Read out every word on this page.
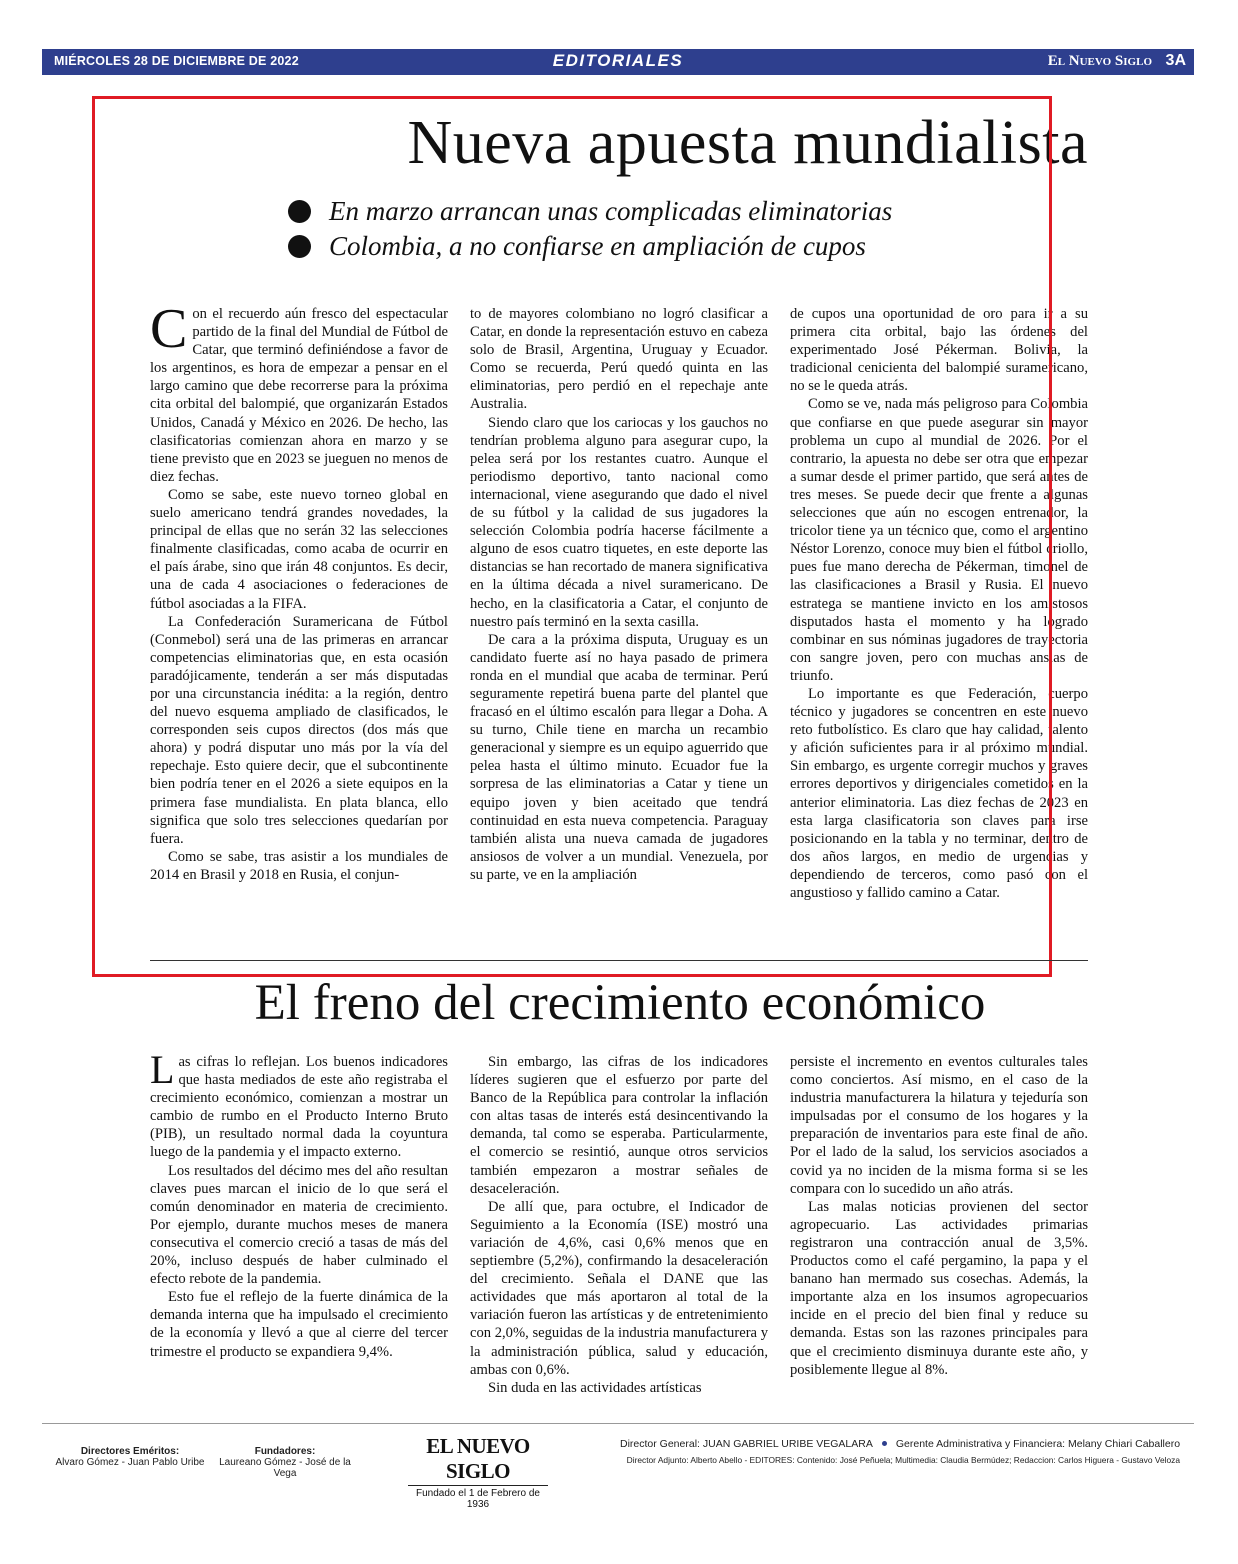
MIÉRCOLES 28 DE DICIEMBRE DE 2022	EDITORIALES	El Nuevo Siglo 3A
Nueva apuesta mundialista
En marzo arrancan unas complicadas eliminatorias
Colombia, a no confiarse en ampliación de cupos

Con el recuerdo aún fresco del espectacular partido de la final del Mundial de Fútbol de Catar, que terminó definiéndose a favor de los argentinos, es hora de empezar a pensar en el largo camino que debe recorrerse para la próxima cita orbital del balompié, que organizarán Estados Unidos, Canadá y México en 2026. De hecho, las clasificatorias comienzan ahora en marzo y se tiene previsto que en 2023 se jueguen no menos de diez fechas.

Como se sabe, este nuevo torneo global en suelo americano tendrá grandes novedades, la principal de ellas que no serán 32 las selecciones finalmente clasificadas, como acaba de ocurrir en el país árabe, sino que irán 48 conjuntos. Es decir, una de cada 4 asociaciones o federaciones de fútbol asociadas a la FIFA.

La Confederación Suramericana de Fútbol (Conmebol) será una de las primeras en arrancar competencias eliminatorias que, en esta ocasión paradójicamente, tenderán a ser más disputadas por una circunstancia inédita: a la región, dentro del nuevo esquema ampliado de clasificados, le corresponden seis cupos directos (dos más que ahora) y podrá disputar uno más por la vía del repechaje. Esto quiere decir, que el subcontinente bien podría tener en el 2026 a siete equipos en la primera fase mundialista. En plata blanca, ello significa que solo tres selecciones quedarían por fuera.

Como se sabe, tras asistir a los mundiales de 2014 en Brasil y 2018 en Rusia, el conjun-

to de mayores colombiano no logró clasificar a Catar, en donde la representación estuvo en cabeza solo de Brasil, Argentina, Uruguay y Ecuador. Como se recuerda, Perú quedó quinta en las eliminatorias, pero perdió en el repechaje ante Australia.

Siendo claro que los cariocas y los gauchos no tendrían problema alguno para asegurar cupo, la pelea será por los restantes cuatro. Aunque el periodismo deportivo, tanto nacional como internacional, viene asegurando que dado el nivel de su fútbol y la calidad de sus jugadores la selección Colombia podría hacerse fácilmente a alguno de esos cuatro tiquetes, en este deporte las distancias se han recortado de manera significativa en la última década a nivel suramericano. De hecho, en la clasificatoria a Catar, el conjunto de nuestro país terminó en la sexta casilla.

De cara a la próxima disputa, Uruguay es un candidato fuerte así no haya pasado de primera ronda en el mundial que acaba de terminar. Perú seguramente repetirá buena parte del plantel que fracasó en el último escalón para llegar a Doha. A su turno, Chile tiene en marcha un recambio generacional y siempre es un equipo aguerrido que pelea hasta el último minuto. Ecuador fue la sorpresa de las eliminatorias a Catar y tiene un equipo joven y bien aceitado que tendrá continuidad en esta nueva competencia. Paraguay también alista una nueva camada de jugadores ansiosos de volver a un mundial. Venezuela, por su parte, ve en la ampliación

de cupos una oportunidad de oro para ir a su primera cita orbital, bajo las órdenes del experimentado José Pékerman. Bolivia, la tradicional cenicienta del balompié suramericano, no se le queda atrás.

Como se ve, nada más peligroso para Colombia que confiarse en que puede asegurar sin mayor problema un cupo al mundial de 2026. Por el contrario, la apuesta no debe ser otra que empezar a sumar desde el primer partido, que será antes de tres meses. Se puede decir que frente a algunas selecciones que aún no escogen entrenador, la tricolor tiene ya un técnico que, como el argentino Néstor Lorenzo, conoce muy bien el fútbol criollo, pues fue mano derecha de Pékerman, timonel de las clasificaciones a Brasil y Rusia. El nuevo estratega se mantiene invicto en los amistosos disputados hasta el momento y ha logrado combinar en sus nóminas jugadores de trayectoria con sangre joven, pero con muchas ansias de triunfo.

Lo importante es que Federación, cuerpo técnico y jugadores se concentren en este nuevo reto futbolístico. Es claro que hay calidad, talento y afición suficientes para ir al próximo mundial. Sin embargo, es urgente corregir muchos y graves errores deportivos y dirigenciales cometidos en la anterior eliminatoria. Las diez fechas de 2023 en esta larga clasificatoria son claves para irse posicionando en la tabla y no terminar, dentro de dos años largos, en medio de urgencias y dependiendo de terceros, como pasó con el angustioso y fallido camino a Catar.

El freno del crecimiento económico

Las cifras lo reflejan. Los buenos indicadores que hasta mediados de este año registraba el crecimiento económico, comienzan a mostrar un cambio de rumbo en el Producto Interno Bruto (PIB), un resultado normal dada la coyuntura luego de la pandemia y el impacto externo.

Los resultados del décimo mes del año resultan claves pues marcan el inicio de lo que será el común denominador en materia de crecimiento. Por ejemplo, durante muchos meses de manera consecutiva el comercio creció a tasas de más del 20%, incluso después de haber culminado el efecto rebote de la pandemia.

Esto fue el reflejo de la fuerte dinámica de la demanda interna que ha impulsado el crecimiento de la economía y llevó a que al cierre del tercer trimestre el producto se expandiera 9,4%.

Sin embargo, las cifras de los indicadores líderes sugieren que el esfuerzo por parte del Banco de la República para controlar la inflación con altas tasas de interés está desincentivando la demanda, tal como se esperaba. Particularmente, el comercio se resintió, aunque otros servicios también empezaron a mostrar señales de desaceleración.

De allí que, para octubre, el Indicador de Seguimiento a la Economía (ISE) mostró una variación de 4,6%, casi 0,6% menos que en septiembre (5,2%), confirmando la desaceleración del crecimiento. Señala el DANE que las actividades que más aportaron al total de la variación fueron las artísticas y de entretenimiento con 2,0%, seguidas de la industria manufacturera y la administración pública, salud y educación, ambas con 0,6%.

Sin duda en las actividades artísticas

persiste el incremento en eventos culturales tales como conciertos. Así mismo, en el caso de la industria manufacturera la hilatura y tejeduría son impulsadas por el consumo de los hogares y la preparación de inventarios para este final de año. Por el lado de la salud, los servicios asociados a covid ya no inciden de la misma forma si se les compara con lo sucedido un año atrás.

Las malas noticias provienen del sector agropecuario. Las actividades primarias registraron una contracción anual de 3,5%. Productos como el café pergamino, la papa y el banano han mermado sus cosechas. Además, la importante alza en los insumos agropecuarios incide en el precio del bien final y reduce su demanda. Estas son las razones principales para que el crecimiento disminuya durante este año, y posiblemente llegue al 8%.

Directores Eméritos:
Alvaro Gómez - Juan Pablo Uribe
Fundadores:
Laureano Gómez - José de la Vega
EL NUEVO SIGLO
Fundado el 1 de Febrero de 1936
Director General: JUAN GABRIEL URIBE VEGALARA Gerente Administrativa y Financiera: Melany Chiari Caballero
Director Adjunto: Alberto Abello - EDITORES: Contenido: José Peñuela; Multimedia: Claudia Bermúdez; Redaccion: Carlos Higuera - Gustavo Veloza
